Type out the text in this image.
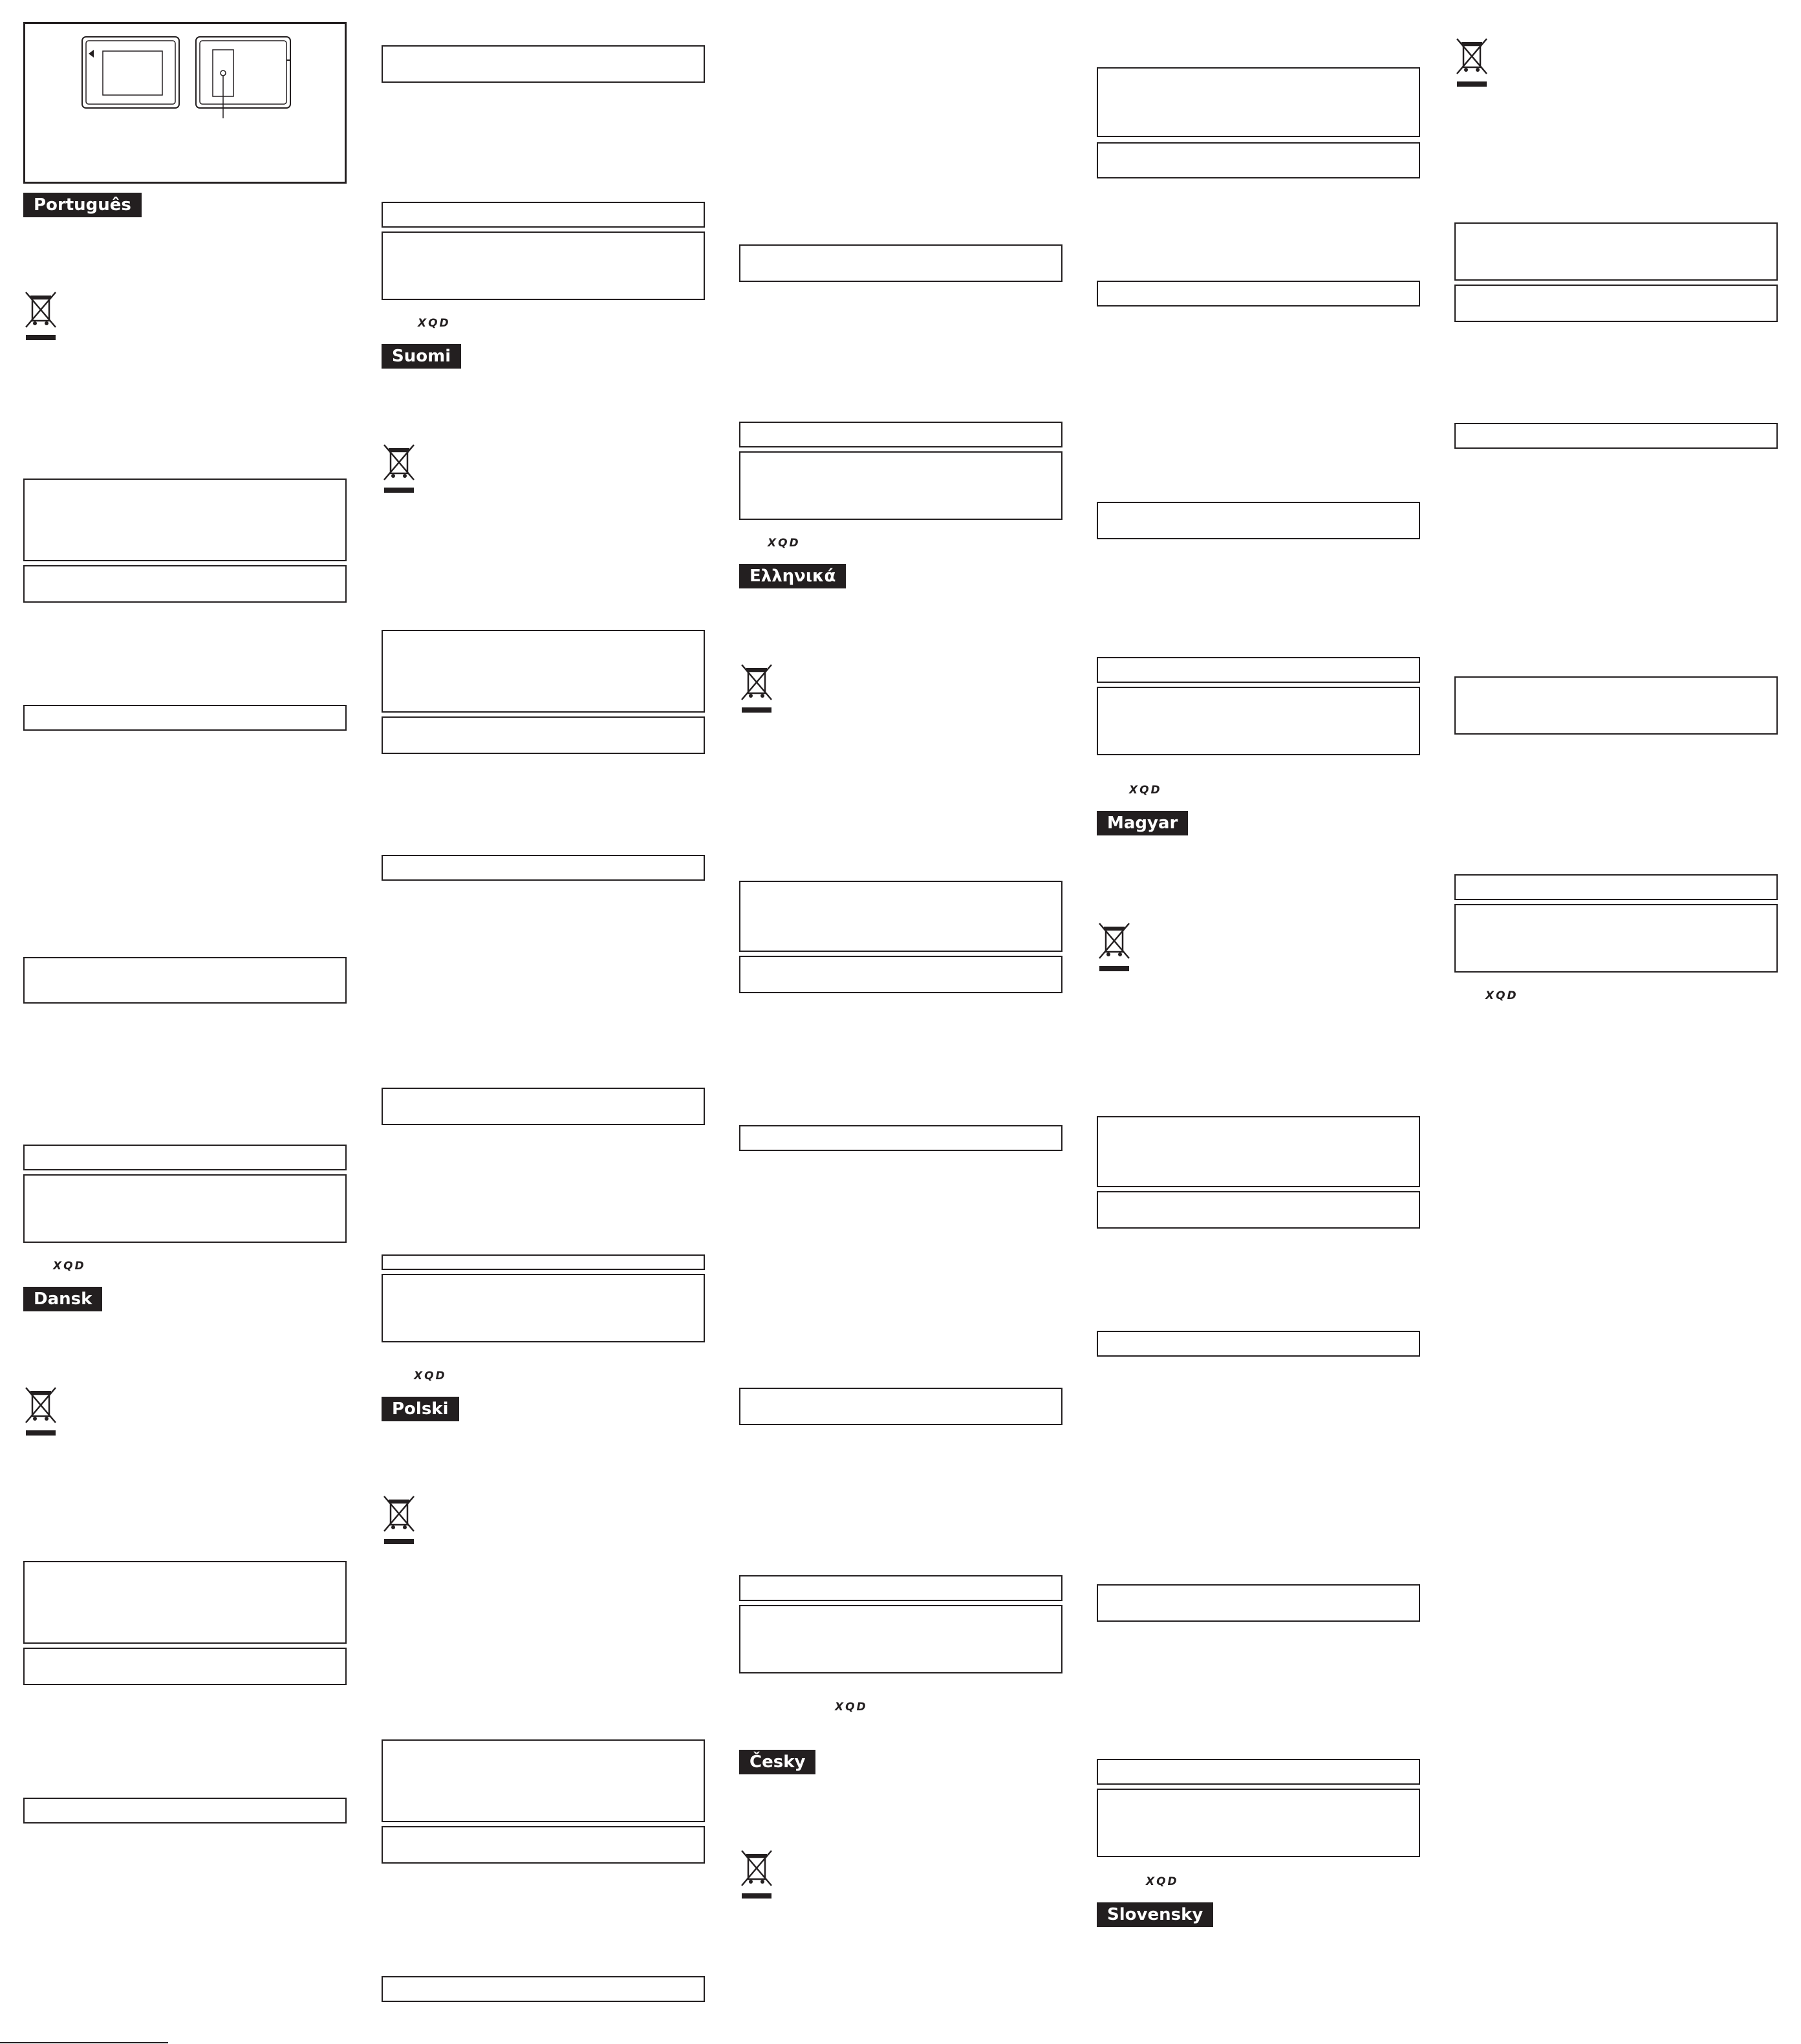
Português
XQD
Dansk
XQD
Suomi
XQD
Polski
XQD
Ελληνικά
XQD
Česky
XQD
Magyar
XQD
Slovensky
XQD
